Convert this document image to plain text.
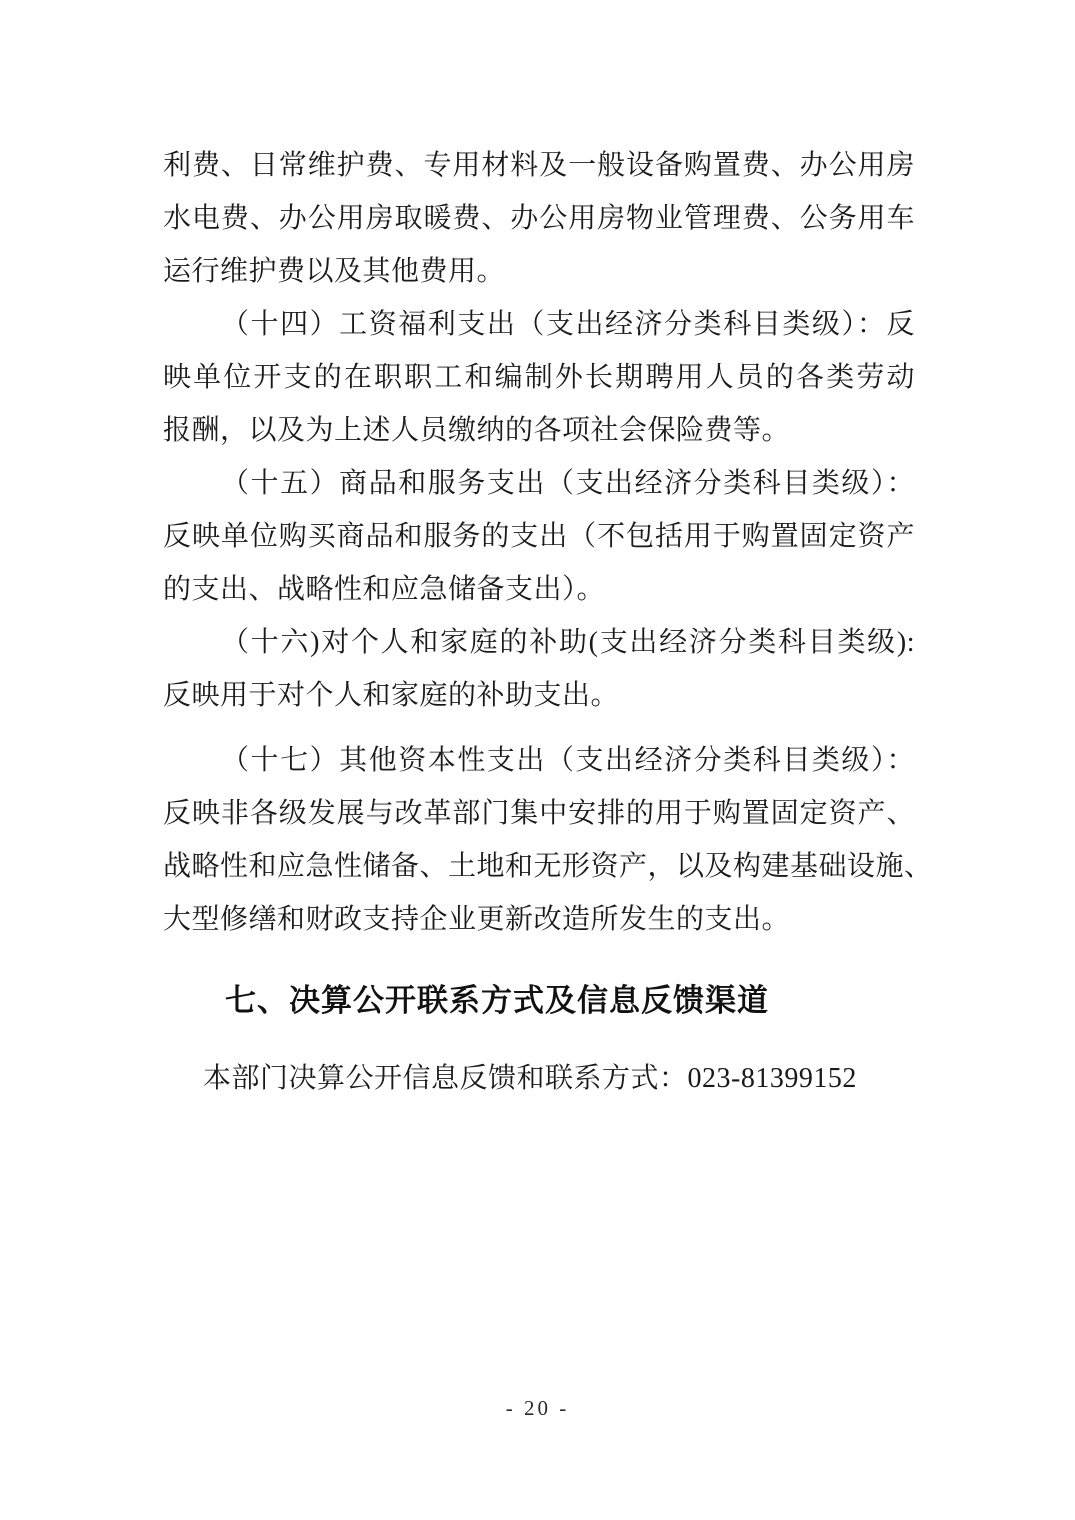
利费、日常维护费、专用材料及一般设备购置费、办公用房
水电费、办公用房取暖费、办公用房物业管理费、公务用车
运行维护费以及其他费用。
（十四）工资福利支出（支出经济分类科目类级）：反
映单位开支的在职职工和编制外长期聘用人员的各类劳动
报酬，以及为上述人员缴纳的各项社会保险费等。
（十五）商品和服务支出（支出经济分类科目类级）：
反映单位购买商品和服务的支出（不包括用于购置固定资产
的支出、战略性和应急储备支出）。
（十六)对个人和家庭的补助(支出经济分类科目类级):
反映用于对个人和家庭的补助支出。
（十七）其他资本性支出（支出经济分类科目类级）：
反映非各级发展与改革部门集中安排的用于购置固定资产、
战略性和应急性储备、土地和无形资产，以及构建基础设施、
大型修缮和财政支持企业更新改造所发生的支出。
七、决算公开联系方式及信息反馈渠道
本部门决算公开信息反馈和联系方式：023-81399152
- 20 -
